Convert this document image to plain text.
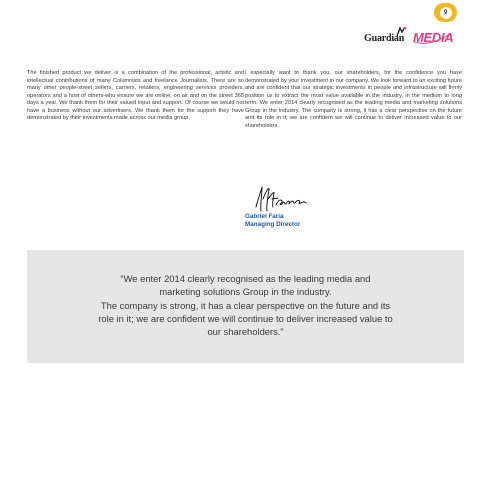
9
Guardian MEDIA
The finished product we deliver is a combination of the professional, artistic and intellectual contributions of many Columnists and freelance Journalists. There are so many other people-street sellers, carriers, retailers, engineering services providers, operators and a host of others-who ensure we are online, on air and on the street 365 days a year. We thank them for their valued input and support. Of course we would not have a business without our advertisers. We thank them for the support they have demonstrated by their investments made across our media group.
I especially want to thank you, our shareholders, for the confidence you have demonstrated by your investment in our company. We look forward to an exciting future and are confident that our strategic investments in people and infrastructure will firmly position us to extract the most value available in the industry, in the medium to long term. We enter 2014 clearly recognised as the leading media and marketing solutions Group in the industry. The company is strong, it has a clear perspective on the future and its role in it; we are confident we will continue to deliver increased value to our shareholders.
Gabriel Faria
Managing Director
“We enter 2014 clearly recognised as the leading media and
marketing solutions Group in the industry.
The company is strong, it has a clear perspective on the future and its
role in it; we are confident we will continue to deliver increased value to
our shareholders.”
